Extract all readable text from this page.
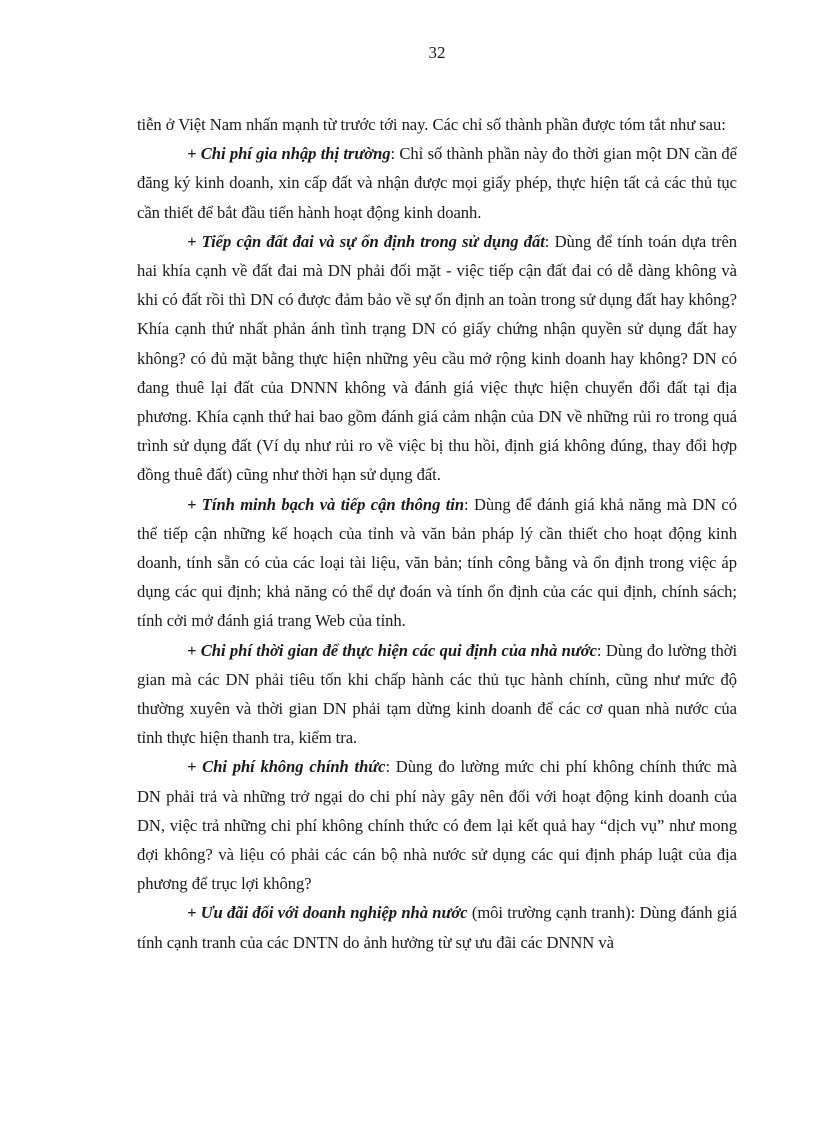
32

tiễn ở Việt Nam nhấn mạnh từ trước tới nay. Các chỉ số thành phần được tóm tắt như sau:

+ Chi phí gia nhập thị trường: Chỉ số thành phần này đo thời gian một DN cần để đăng ký kinh doanh, xin cấp đất và nhận được mọi giấy phép, thực hiện tất cả các thủ tục cần thiết để bắt đầu tiến hành hoạt động kinh doanh.

+ Tiếp cận đất đai và sự ổn định trong sử dụng đất: Dùng để tính toán dựa trên hai khía cạnh về đất đai mà DN phải đối mặt - việc tiếp cận đất đai có dễ dàng không và khi có đất rồi thì DN có được đảm bảo về sự ổn định an toàn trong sử dụng đất hay không? Khía cạnh thứ nhất phản ánh tình trạng DN có giấy chứng nhận quyền sử dụng đất hay không? có đủ mặt bằng thực hiện những yêu cầu mở rộng kinh doanh hay không? DN có đang thuê lại đất của DNNN không và đánh giá việc thực hiện chuyển đổi đất tại địa phương. Khía cạnh thứ hai bao gồm đánh giá cảm nhận của DN về những rủi ro trong quá trình sử dụng đất (Ví dụ như rủi ro về việc bị thu hồi, định giá không đúng, thay đổi hợp đồng thuê đất) cũng như thời hạn sử dụng đất.

+ Tính minh bạch và tiếp cận thông tin: Dùng để đánh giá khả năng mà DN có thể tiếp cận những kế hoạch của tỉnh và văn bản pháp lý cần thiết cho hoạt động kinh doanh, tính sẵn có của các loại tài liệu, văn bản; tính công bằng và ổn định trong việc áp dụng các qui định; khả năng có thể dự đoán và tính ổn định của các qui định, chính sách; tính cởi mở đánh giá trang Web của tỉnh.

+ Chi phí thời gian để thực hiện các qui định của nhà nước: Dùng đo lường thời gian mà các DN phải tiêu tốn khi chấp hành các thủ tục hành chính, cũng như mức độ thường xuyên và thời gian DN phải tạm dừng kinh doanh để các cơ quan nhà nước của tỉnh thực hiện thanh tra, kiểm tra.

+ Chi phí không chính thức: Dùng đo lường mức chi phí không chính thức mà DN phải trả và những trở ngại do chi phí này gây nên đối với hoạt động kinh doanh của DN, việc trả những chi phí không chính thức có đem lại kết quả hay “dịch vụ” như mong đợi không? và liệu có phải các cán bộ nhà nước sử dụng các qui định pháp luật của địa phương để trục lợi không?

+ Ưu đãi đối với doanh nghiệp nhà nước (môi trường cạnh tranh): Dùng đánh giá tính cạnh tranh của các DNTN do ảnh hưởng từ sự ưu đãi các DNNN và
